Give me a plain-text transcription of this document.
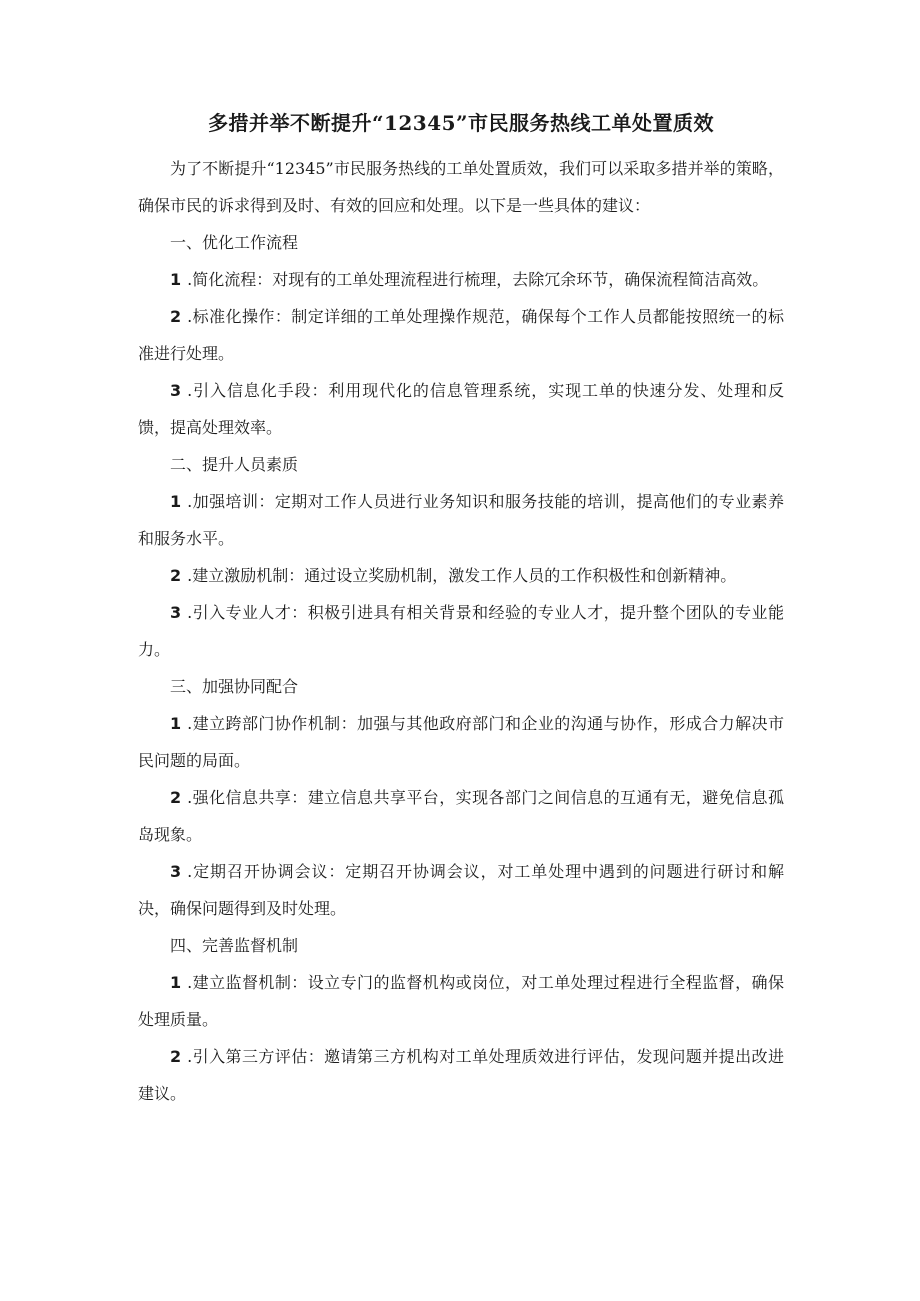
多措并举不断提升“12345”市民服务热线工单处置质效

为了不断提升“12345”市民服务热线的工单处置质效，我们可以采取多措并举的策略，确保市民的诉求得到及时、有效的回应和处理。以下是一些具体的建议：

一、优化工作流程

1 .简化流程：对现有的工单处理流程进行梳理，去除冗余环节，确保流程简洁高效。

2 .标准化操作：制定详细的工单处理操作规范，确保每个工作人员都能按照统一的标准进行处理。

3 .引入信息化手段：利用现代化的信息管理系统，实现工单的快速分发、处理和反馈，提高处理效率。

二、提升人员素质

1 .加强培训：定期对工作人员进行业务知识和服务技能的培训，提高他们的专业素养和服务水平。

2 .建立激励机制：通过设立奖励机制，激发工作人员的工作积极性和创新精神。

3 .引入专业人才：积极引进具有相关背景和经验的专业人才，提升整个团队的专业能力。

三、加强协同配合

1 .建立跨部门协作机制：加强与其他政府部门和企业的沟通与协作，形成合力解决市民问题的局面。

2 .强化信息共享：建立信息共享平台，实现各部门之间信息的互通有无，避免信息孤岛现象。

3 .定期召开协调会议：定期召开协调会议，对工单处理中遇到的问题进行研讨和解决，确保问题得到及时处理。

四、完善监督机制

1 .建立监督机制：设立专门的监督机构或岗位，对工单处理过程进行全程监督，确保处理质量。

2 .引入第三方评估：邀请第三方机构对工单处理质效进行评估，发现问题并提出改进建议。
